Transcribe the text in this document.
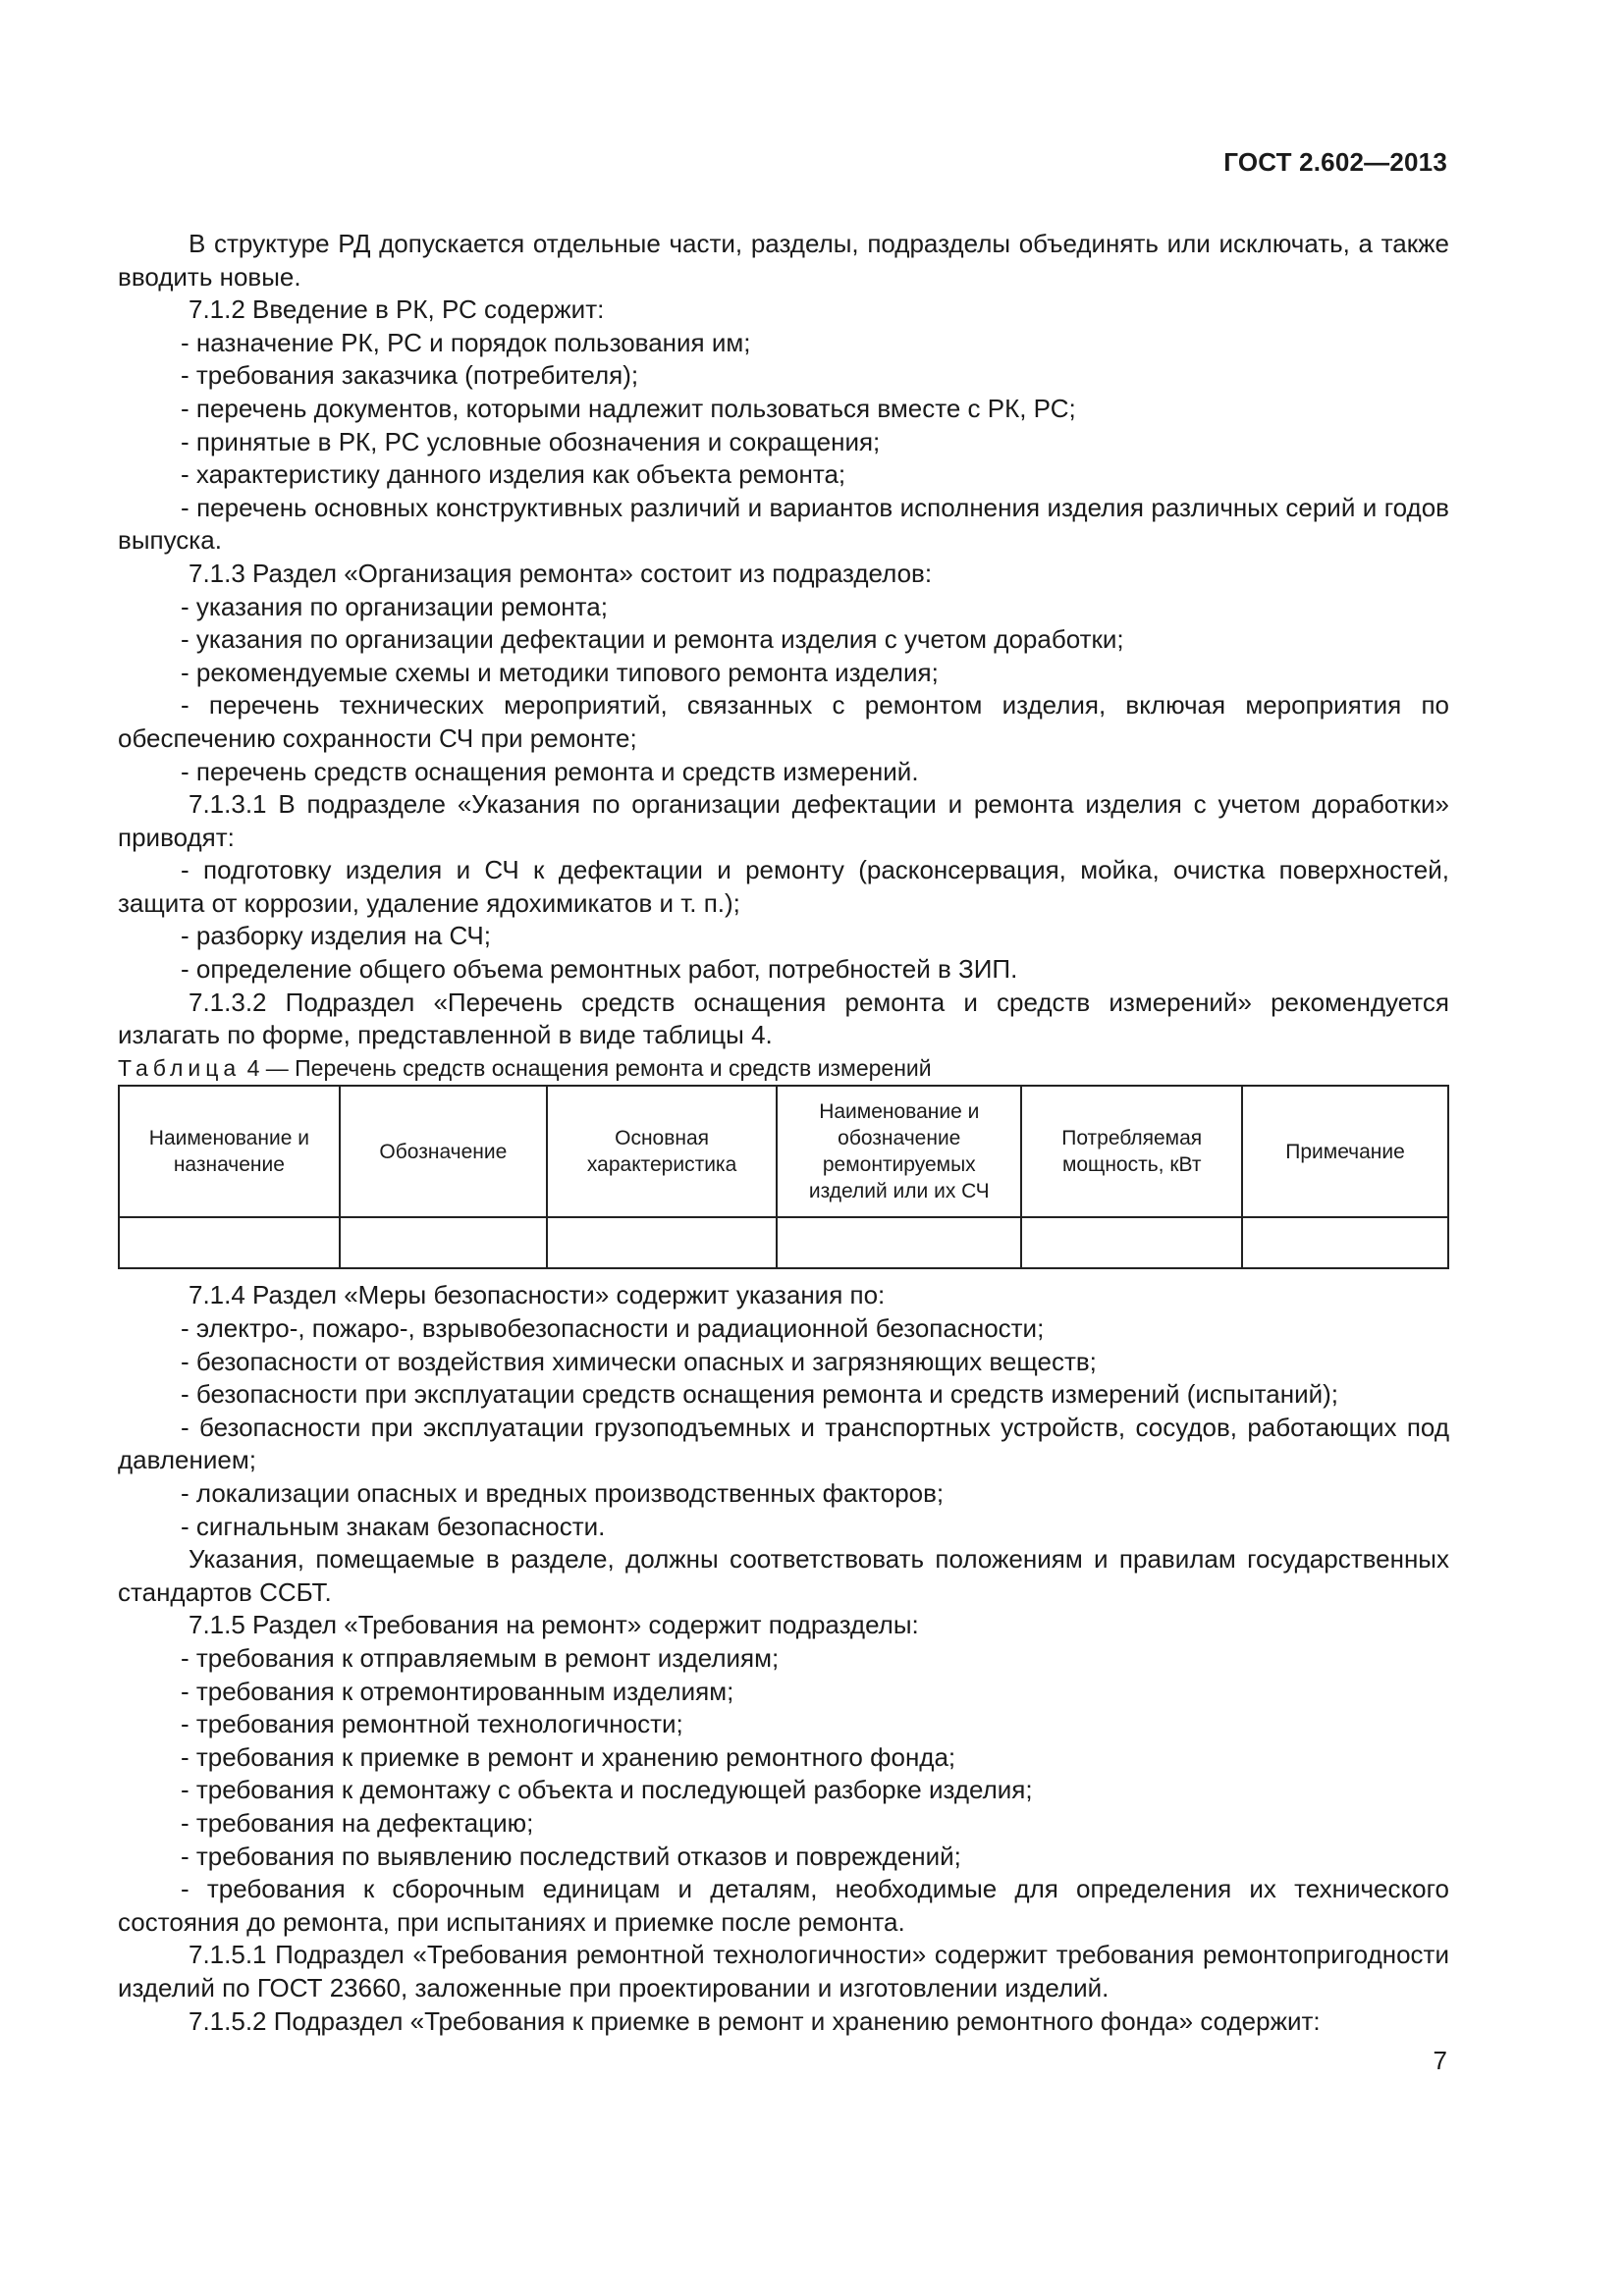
ГОСТ 2.602—2013

В структуре РД допускается отдельные части, разделы, подразделы объединять или исключать, а также вводить новые.

7.1.2 Введение в РК, РС содержит:

- назначение РК, РС и порядок пользования им;

- требования заказчика (потребителя);

- перечень документов, которыми надлежит пользоваться вместе с РК, РС;

- принятые в РК, РС условные обозначения и сокращения;

- характеристику данного изделия как объекта ремонта;

- перечень основных конструктивных различий и вариантов исполнения изделия различных серий и годов выпуска.

7.1.3 Раздел «Организация ремонта» состоит из подразделов:

- указания по организации ремонта;

- указания по организации дефектации и ремонта изделия с учетом доработки;

- рекомендуемые схемы и методики типового ремонта изделия;

- перечень технических мероприятий, связанных с ремонтом изделия, включая мероприятия по обеспечению сохранности СЧ при ремонте;

- перечень средств оснащения ремонта и средств измерений.

7.1.3.1 В подразделе «Указания по организации дефектации и ремонта изделия с учетом доработки» приводят:

- подготовку изделия и СЧ к дефектации и ремонту (расконсервация, мойка, очистка поверхностей, защита от коррозии, удаление ядохимикатов и т. п.);

- разборку изделия на СЧ;

- определение общего объема ремонтных работ, потребностей в ЗИП.

7.1.3.2 Подраздел «Перечень средств оснащения ремонта и средств измерений» рекомендуется излагать по форме, представленной в виде таблицы 4.

Таблица 4 — Перечень средств оснащения ремонта и средств измерений

Наименование и назначение	Обозначение	Основная характеристика	Наименование и обозначение ремонтируемых изделий или их СЧ	Потребляемая мощность, кВт	Примечание

7.1.4 Раздел «Меры безопасности» содержит указания по:

- электро-, пожаро-, взрывобезопасности и радиационной безопасности;

- безопасности от воздействия химически опасных и загрязняющих веществ;

- безопасности при эксплуатации средств оснащения ремонта и средств измерений (испытаний);

- безопасности при эксплуатации грузоподъемных и транспортных устройств, сосудов, работающих под давлением;

- локализации опасных и вредных производственных факторов;

- сигнальным знакам безопасности.

Указания, помещаемые в разделе, должны соответствовать положениям и правилам государственных стандартов ССБТ.

7.1.5 Раздел «Требования на ремонт» содержит подразделы:

- требования к отправляемым в ремонт изделиям;

- требования к отремонтированным изделиям;

- требования ремонтной технологичности;

- требования к приемке в ремонт и хранению ремонтного фонда;

- требования к демонтажу с объекта и последующей разборке изделия;

- требования на дефектацию;

- требования по выявлению последствий отказов и повреждений;

- требования к сборочным единицам и деталям, необходимые для определения их технического состояния до ремонта, при испытаниях и приемке после ремонта.

7.1.5.1 Подраздел «Требования ремонтной технологичности» содержит требования ремонтопригодности изделий по ГОСТ 23660, заложенные при проектировании и изготовлении изделий.

7.1.5.2 Подраздел «Требования к приемке в ремонт и хранению ремонтного фонда» содержит:

7
